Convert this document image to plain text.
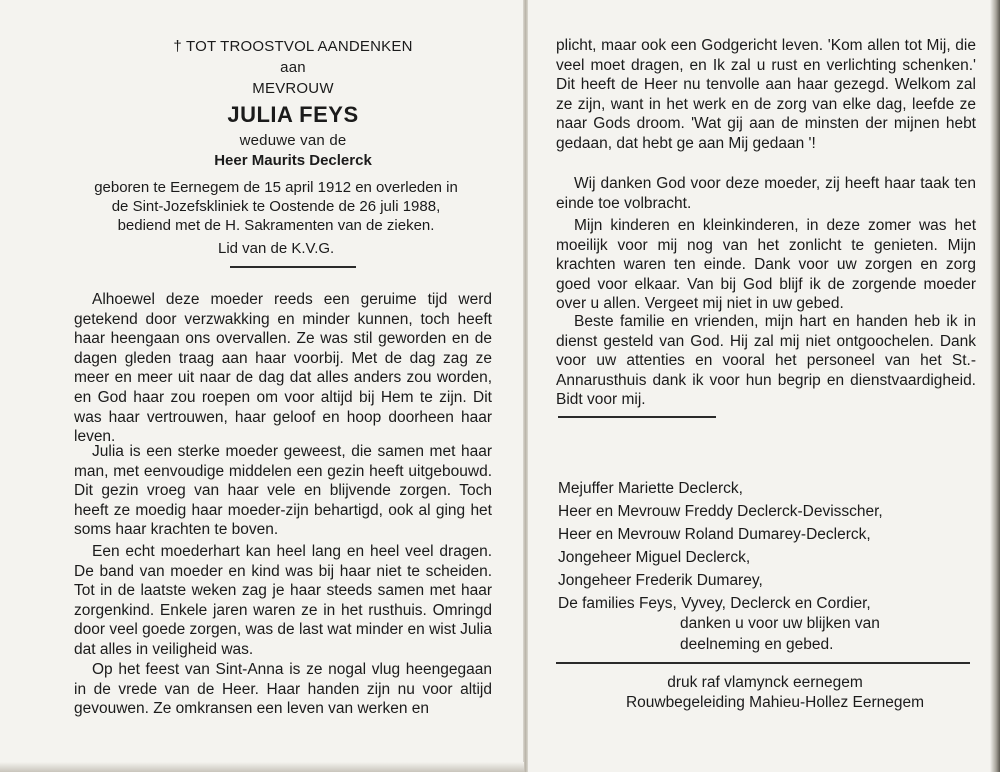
† TOT TROOSTVOL AANDENKEN
aan
MEVROUW
JULIA FEYS
weduwe van de
Heer Maurits Declerck
geboren te Eernegem de 15 april 1912 en overleden in
de Sint-Jozefskliniek te Oostende de 26 juli 1988,
bediend met de H. Sakramenten van de zieken.
Lid van de K.V.G.
Alhoewel deze moeder reeds een geruime tijd werd getekend door verzwakking en minder kunnen, toch heeft haar heengaan ons overvallen. Ze was stil geworden en de dagen gleden traag aan haar voorbij. Met de dag zag ze meer en meer uit naar de dag dat alles anders zou worden, en God haar zou roepen om voor altijd bij Hem te zijn. Dit was haar vertrouwen, haar geloof en hoop doorheen haar leven.
Julia is een sterke moeder geweest, die samen met haar man, met eenvoudige middelen een gezin heeft uitgebouwd. Dit gezin vroeg van haar vele en blijvende zorgen. Toch heeft ze moedig haar moeder-zijn behartigd, ook al ging het soms haar krachten te boven.
Een echt moederhart kan heel lang en heel veel dragen. De band van moeder en kind was bij haar niet te scheiden. Tot in de laatste weken zag je haar steeds samen met haar zorgenkind. Enkele jaren waren ze in het rusthuis. Omringd door veel goede zorgen, was de last wat minder en wist Julia dat alles in veiligheid was.
Op het feest van Sint-Anna is ze nogal vlug heengegaan in de vrede van de Heer. Haar handen zijn nu voor altijd gevouwen. Ze omkransen een leven van werken en
plicht, maar ook een Godgericht leven. 'Kom allen tot Mij, die veel moet dragen, en Ik zal u rust en verlichting schenken.' Dit heeft de Heer nu tenvolle aan haar gezegd. Welkom zal ze zijn, want in het werk en de zorg van elke dag, leefde ze naar Gods droom. 'Wat gij aan de minsten der mijnen hebt gedaan, dat hebt ge aan Mij gedaan '!
Wij danken God voor deze moeder, zij heeft haar taak ten einde toe volbracht.
Mijn kinderen en kleinkinderen, in deze zomer was het moeilijk voor mij nog van het zonlicht te genieten. Mijn krachten waren ten einde. Dank voor uw zorgen en zorg goed voor elkaar. Van bij God blijf ik de zorgende moeder over u allen. Vergeet mij niet in uw gebed.
Beste familie en vrienden, mijn hart en handen heb ik in dienst gesteld van God. Hij zal mij niet ontgoochelen. Dank voor uw attenties en vooral het personeel van het St.-Annarusthuis dank ik voor hun begrip en dienstvaardigheid. Bidt voor mij.
Mejuffer Mariette Declerck,
Heer en Mevrouw Freddy Declerck-Devisscher,
Heer en Mevrouw Roland Dumarey-Declerck,
Jongeheer Miguel Declerck,
Jongeheer Frederik Dumarey,
De families Feys, Vyvey, Declerck en Cordier,
danken u voor uw blijken van
deelneming en gebed.
druk raf vlamynck eernegem
Rouwbegeleiding Mahieu-Hollez Eernegem
